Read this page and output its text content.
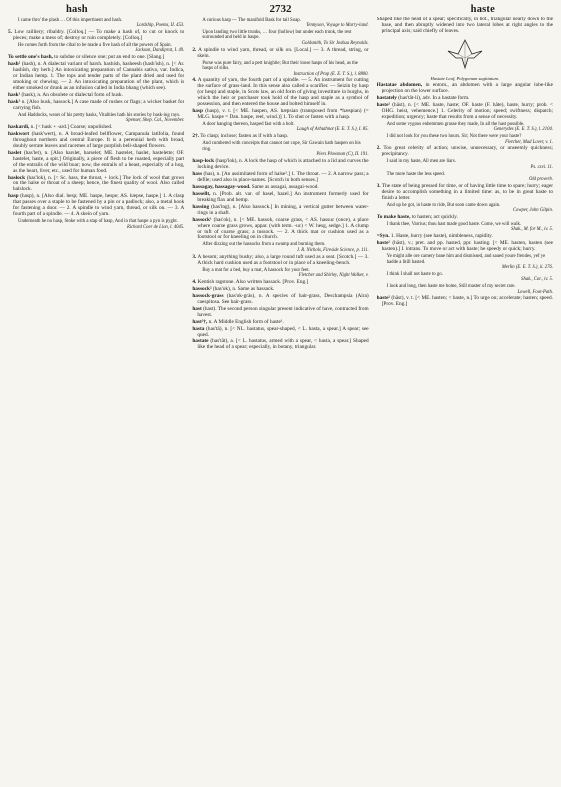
hash	2732	haste
I came thro' the plash … Of this impertinent and hash.
Lordship, Poems, II. 453.
5. Low railliery; ribaldry. [Colloq.] — To make a hash of, to cut or knock to pieces; make a mess of; destroy or ruin completely. [Colloq.]
He comes forth from the cibal to be made a five hash of all the powers of Spain.
Jackson, Dandiprat, I. 49.
To settle one's hash, to subdue or silence one; put an end to one. [Slang.]
hash² (hash), n. A dialectal variant of harsh. hashish, hasheesh (hash'ish), n. [< Ar. hashîsh, dry herb.] An intoxicating preparation of Cannabis sativa, var. Indica, or Indian hemp. 1. The tops and tender parts of the plant dried and used for smoking or chewing. — 2. An intoxicating preparation of the plant, which is either smoked or drunk as an infusion called in India bhang (which see).
hask¹ (hask), n. An obsolete or dialectal form of husk.
hask² n. [Also husk, hassock.] A case made of rushes or flags; a wicker basket for carrying fish.
And Haddocks, wears of his pretty hasks, Vitalities hath his stories by bask-ing rays.
Spenser, Shep. Cal., November.
haskardi, n. [< hask + -ard.] Coarse; unpolished.
haskwort (hask'wert), n. A broad-leafed bellflower, Campanula latifolia, found throughout northern and central Europe. It is a perennial herb with broad, doubly serrate leaves and racemes of large purplish bell-shaped flowers.
haslet (has'let), n. [Also harslet, harselet; ME. hastelet, haslet, hastelette; OF. hastelet, haste, a spit.] Originally, a piece of flesh to be roasted, especially part of the entrails of the wild boar; now, the entrails of a beast, especially of a hog, as the heart, liver, etc., used for human food.
haslock (has'lok), n. [< Sc. hass, the throat, + lock.] The lock of wool that grows on the halse or throat of a sheep; hence, the finest quality of wool. Also called halslock.
hasp (hasp), n. [Also dial. hesp; ME. haspe, hespe; AS. hæpse, haspe.] 1. A clasp that passes over a staple to be fastened by a pin or a padlock; also, a metal hook for fastening a door. — 2. A spindle to wind yarn, thread, or silk on. — 3. A fourth part of a spindle. — 4. A skein of yarn.
Underneath he no hasp, Stoke with a stap of hasp, And in that haspe a pyn is pyght.
Richard Coer de Lion, l. 4045.
A curious hasp — The manifold Bask for tail Soap.
Tennyson, Voyage to Marry-land.
Upon landing two little trunks, … four (hollow) but under each trunk, the rest surrounded and held in haspe.
Goldsmith, To Sir Joshua Reynolds.
2. A spindle to wind yarn, thread, or silk on. [Local.] — 3. A thread, string, or skein.
Purse was pure fairy, and a pert knightie; But their loose hasps of his head, as the hasps of silks.
Instruction of Prop (E. E. T. S.), l. 8800.
4. A quantity of yarn, the fourth part of a spindle. — 5. An instrument for cutting the surface of grass-land. In this sense also called a scarifier. — Seizin by hasp (or hesp) and staple, in Scots law, an old form of giving investiture in burghs, in which the heir or purchaser took hold of the hasp and staple as a symbol of possession, and then entered the house and bolted himself in.
hasp (hasp), v. t. [< ME. haspen, AS. hæpsian (transposed from *hæspian) (= MLG. haspe = Dan. haspe, reel, wind.)] 1. To shut or fasten with a hasp.
A door hanging thereon, hasped fast with a bolt.
Laugh of Arbuthnot (E. E. T. S.), I. 85.
2†. To clasp; inclose; fasten as if with a hasp.
And cumbered with conceipts that cannot not cope, Sir Gawain hath haspen on his ring.
Piers Plowman (C), II. 191.
hasp-lock (hasp'lok), n. A lock the hasp of which is attached to a lid and curves the locking device.
hass (has), n. [An assimilated form of halse².] 1. The throat. — 2. A narrow pass; a defile; used also in place-names. [Scotch in both senses.]
hassagay, hassagay-wood. Same as assagai, assagai-wood.
hassellt, n. [Prob. alt. var. of hasel, hazel.] An instrument formerly used for breaking flax and hemp.
hassing (has'ing), n. [Also hassock.] In mining, a vertical gutter between water-rings in a shaft.
hassock¹ (has'ok), n. [< ME. hassok, coarse grass, < AS. hassuc (once), a place where coarse grass grows, appar. (with term. -uc) < W. hesg, sedge.] 1. A clump or tuft of coarse grass; a tussock. — 2. A thick mat or cushion used as a footstool or for kneeling on in church.
After dizzing out the hassocks from a swamp and burning them.
J. R. Nichols, Fireside Science, p. 111.
3. A besom; anything bushy; also, a large round tuft used as a seat. [Scotch.] — 3. A thick hard cushion used as a footstool or in place of a kneeling-bench.
Buy a mat for a bed, buy a mat, A hassock for your feet.
Fletcher and Shirley, Night Walker, v.
4. Kentish ragstone. Also written hassack. [Prov. Eng.]
hassock² (has'ok), n. Same as hassack.
hassock-grass (has'ok-gràs), n. A species of hair-grass, Deschampsia (Aira) caespitosa. See hair-grass.
hast (hast). The second person singular present indicative of have, contracted from havest.
hast²†, n. A Middle English form of haste¹.
hasta (has'tä), n. [< NL. hastatus, spear-shaped, < L. hasta, a spear.] A spear; see qued.
hastate (has'tāt), a. [< L. hastatus, armed with a spear, < hasta, a spear.] Shaped like the head of a spear; especially, in botany, triangular.
Shaped like the head of a spear; specifically, in bot., triangular nearly down to the base, and then abruptly widened into two lateral lobes at right angles to the principal axis; said chiefly of leaves.
Hastate Leaf, Polygonum sagittatum.
Hastatae abdomen, in entom., an abdomen with a large angular lobe-like projection on the lower surface.
hastately (has'tāt-li), adv. In a hastate form.
haste¹ (hāst), n. [< ME. haste, haste; OF. haste (F. hâte), haste, hurry; prob. < OHG. heist, vehemence.] 1. Celerity of motion; speed; swiftness; dispatch; expedition; urgency; haste that results from a sense of necessity.
And some vygous enbemmen grasse they made, In all the hast possible.
Generydes (E. E. T. S.), l. 2104.
I did not look for you these two hours. Sir; Not there were your haste?
Fletcher, Mad Lover, v. 1.
2. Too great celerity of action; unwise, unnecessary, or unseemly quickness; precipitancy.
I said in my haste, All men are liars.
Ps. cxvi. 11.
The more haste the less speed.
Old proverb.
3. The state of being pressed for time, or of having little time to spare; hurry; eager desire to accomplish something in a limited time: as, to be in great haste to finish a letter.
And up he got, in haste to ride, But soon came down again.
Cowper, John Gilpin.
To make haste, to hasten; act quickly.
I thank thee, Varrius; thou hast made good haste. Come, we will walk.
Shak., M. for M., iv. 5.
=Syn. 1. Haste, hurry (see haste), nimbleness, rapidity.
haste¹ (hāst), v.; pret. and pp. hasted, ppr. hasting. [< ME. hasten, hasten (see hasten).] I. intrans. To move or act with haste; be speedy or quick; hurry.
Ye might alle ore camery bane him and dismissed, and saued youre frendes, yef ye hadde a litill hasted.
Merlin (E. E. T. S.), ii. 276.
I think I shall not haste to go.
Shak., Cor., iv. 5.
I look and long, then haste me home, Still master of my secret rare.
Lowell, Foot-Path.
haste² (hāst), v. t. [< ME. hasten; < haste, n.] To urge on; accelerate; hasten; speed. [Prov. Eng.]
